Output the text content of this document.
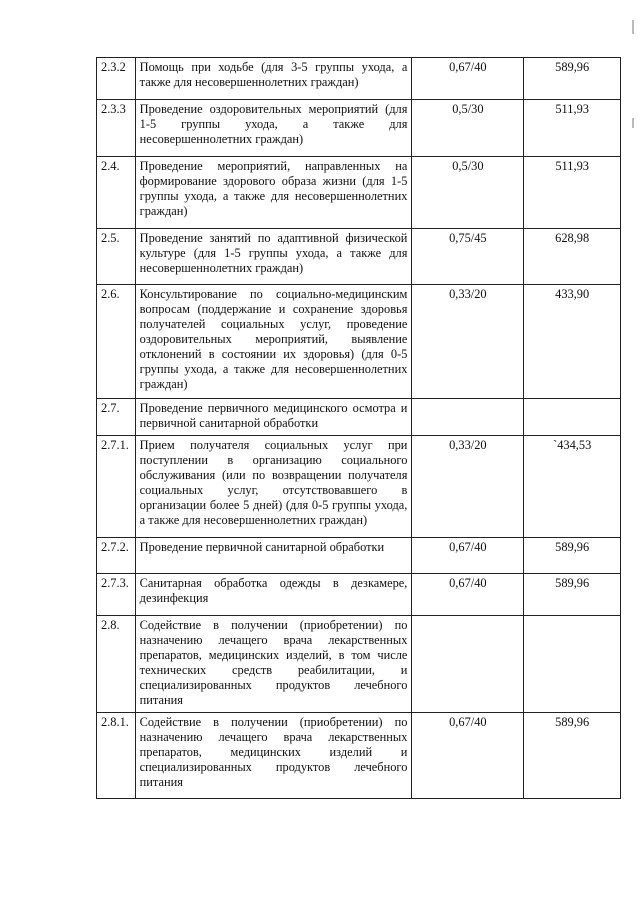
2.3.2	Помощь при ходьбе (для 3-5 группы ухода, а также для несовершеннолетних граждан)	0,67/40	589,96
2.3.3	Проведение оздоровительных мероприятий (для 1-5 группы ухода, а также для несовершеннолетних граждан)	0,5/30	511,93
2.4.	Проведение мероприятий, направленных на формирование здорового образа жизни (для 1-5 группы ухода, а также для несовершеннолетних граждан)	0,5/30	511,93
2.5.	Проведение занятий по адаптивной физической культуре (для 1-5 группы ухода, а также для несовершеннолетних граждан)	0,75/45	628,98
2.6.	Консультирование по социально-медицинским вопросам (поддержание и сохранение здоровья получателей социальных услуг, проведение оздоровительных мероприятий, выявление отклонений в состоянии их здоровья) (для 0-5 группы ухода, а также для несовершеннолетних граждан)	0,33/20	433,90
2.7.	Проведение первичного медицинского осмотра и первичной санитарной обработки		
2.7.1.	Прием получателя социальных услуг при поступлении в организацию социального обслуживания (или по возвращении получателя социальных услуг, отсутствовавшего в организации более 5 дней) (для 0-5 группы ухода, а также для несовершеннолетних граждан)	0,33/20	`434,53
2.7.2.	Проведение первичной санитарной обработки	0,67/40	589,96
2.7.3.	Санитарная обработка одежды в дезкамере, дезинфекция	0,67/40	589,96
2.8.	Содействие в получении (приобретении) по назначению лечащего врача лекарственных препаратов, медицинских изделий, в том числе технических средств реабилитации, и специализированных продуктов лечебного питания		
2.8.1.	Содействие в получении (приобретении) по назначению лечащего врача лекарственных препаратов, медицинских изделий и специализированных продуктов лечебного питания	0,67/40	589,96
